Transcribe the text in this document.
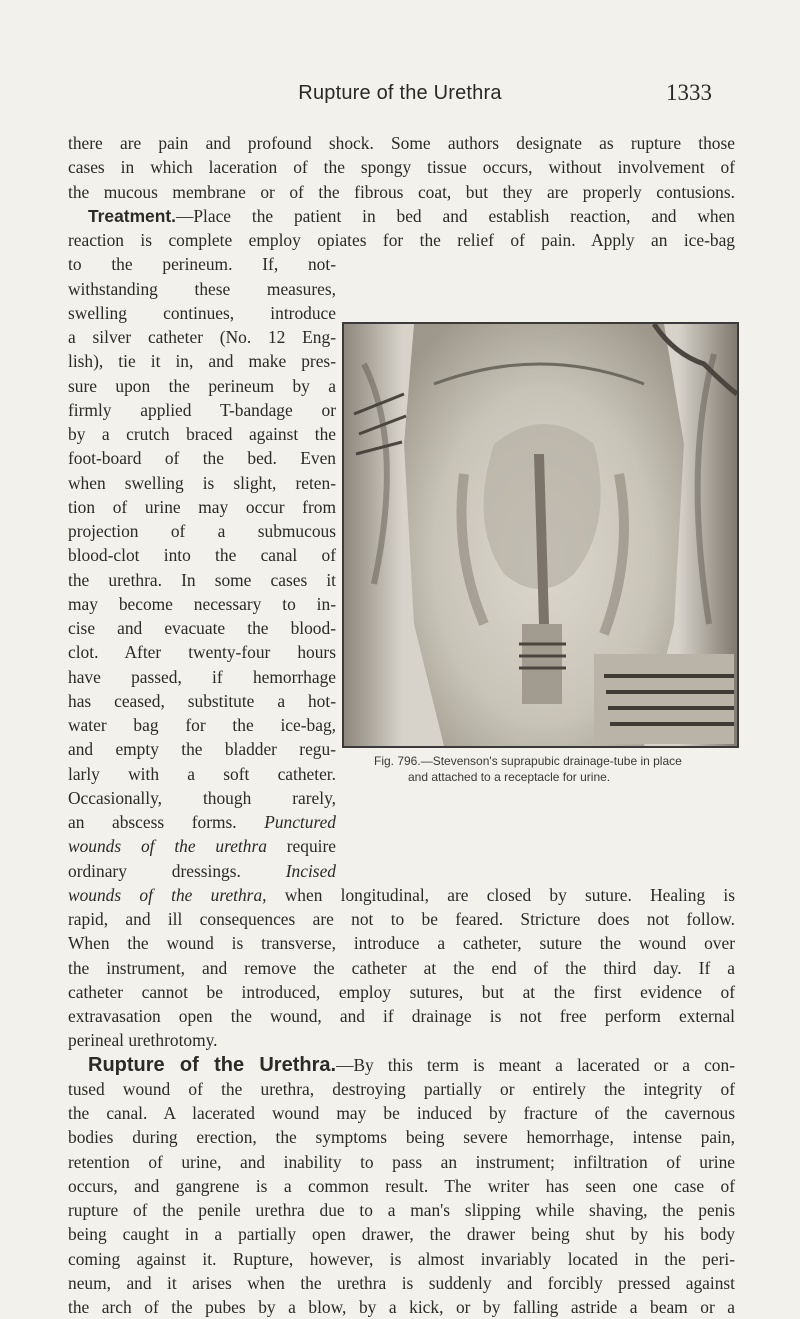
Rupture of the Urethra	1333
there are pain and profound shock. Some authors designate as rupture those
cases in which laceration of the spongy tissue occurs, without involvement of
the mucous membrane or of the fibrous coat, but they are properly contusions.
Treatment.—Place the patient in bed and establish reaction, and when
reaction is complete employ opiates for the relief of pain. Apply an ice-bag
to the perineum. If, not-
withstanding these measures,
swelling continues, introduce
a silver catheter (No. 12 Eng-
lish), tie it in, and make pres-
sure upon the perineum by a
firmly applied T-bandage or
by a crutch braced against the
foot-board of the bed. Even
when swelling is slight, reten-
tion of urine may occur from
projection of a submucous
blood-clot into the canal of
the urethra. In some cases it
may become necessary to in-
cise and evacuate the blood-
clot. After twenty-four hours
have passed, if hemorrhage
has ceased, substitute a hot-
water bag for the ice-bag,
and empty the bladder regu-
larly with a soft catheter.
Occasionally, though rarely,
an abscess forms. Punctured
wounds of the urethra require
ordinary dressings. Incised
wounds of the urethra, when longitudinal, are closed by suture. Healing is
rapid, and ill consequences are not to be feared. Stricture does not follow.
When the wound is transverse, introduce a catheter, suture the wound over
the instrument, and remove the catheter at the end of the third day. If a
catheter cannot be introduced, employ sutures, but at the first evidence of
extravasation open the wound, and if drainage is not free perform external
perineal urethrotomy.
Rupture of the Urethra.—By this term is meant a lacerated or a con-
tused wound of the urethra, destroying partially or entirely the integrity of
the canal. A lacerated wound may be induced by fracture of the cavernous
bodies during erection, the symptoms being severe hemorrhage, intense pain,
retention of urine, and inability to pass an instrument; infiltration of urine
occurs, and gangrene is a common result. The writer has seen one case of
rupture of the penile urethra due to a man's slipping while shaving, the penis
being caught in a partially open drawer, the drawer being shut by his body
coming against it. Rupture, however, is almost invariably located in the peri-
neum, and it arises when the urethra is suddenly and forcibly pressed against
the arch of the pubes by a blow, by a kick, or by falling astride a beam or a
Fig. 796.—Stevenson's suprapubic drainage-tube in place
and attached to a receptacle for urine.
